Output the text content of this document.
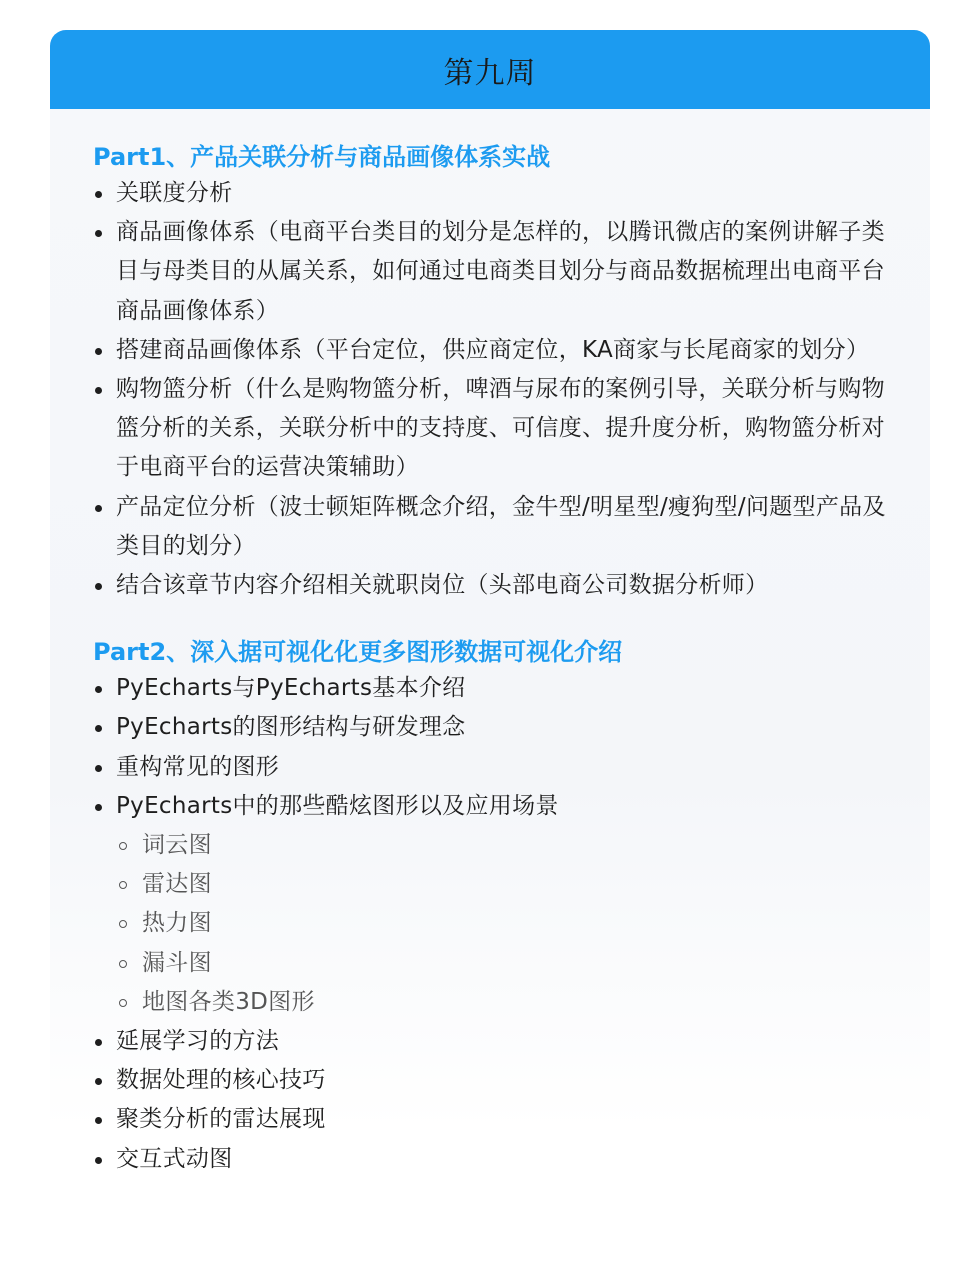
第九周
Part1、产品关联分析与商品画像体系实战
关联度分析
商品画像体系（电商平台类目的划分是怎样的，以腾讯微店的案例讲解子类目与母类目的从属关系，如何通过电商类目划分与商品数据梳理出电商平台商品画像体系）
搭建商品画像体系（平台定位，供应商定位，KA商家与长尾商家的划分）
购物篮分析（什么是购物篮分析，啤酒与尿布的案例引导，关联分析与购物篮分析的关系，关联分析中的支持度、可信度、提升度分析，购物篮分析对于电商平台的运营决策辅助）
产品定位分析（波士顿矩阵概念介绍，金牛型/明星型/瘦狗型/问题型产品及类目的划分）
结合该章节内容介绍相关就职岗位（头部电商公司数据分析师）
Part2、深入据可视化化更多图形数据可视化介绍
PyEcharts与PyEcharts基本介绍
PyEcharts的图形结构与研发理念
重构常见的图形
PyEcharts中的那些酷炫图形以及应用场景
词云图
雷达图
热力图
漏斗图
地图各类3D图形
延展学习的方法
数据处理的核心技巧
聚类分析的雷达展现
交互式动图
